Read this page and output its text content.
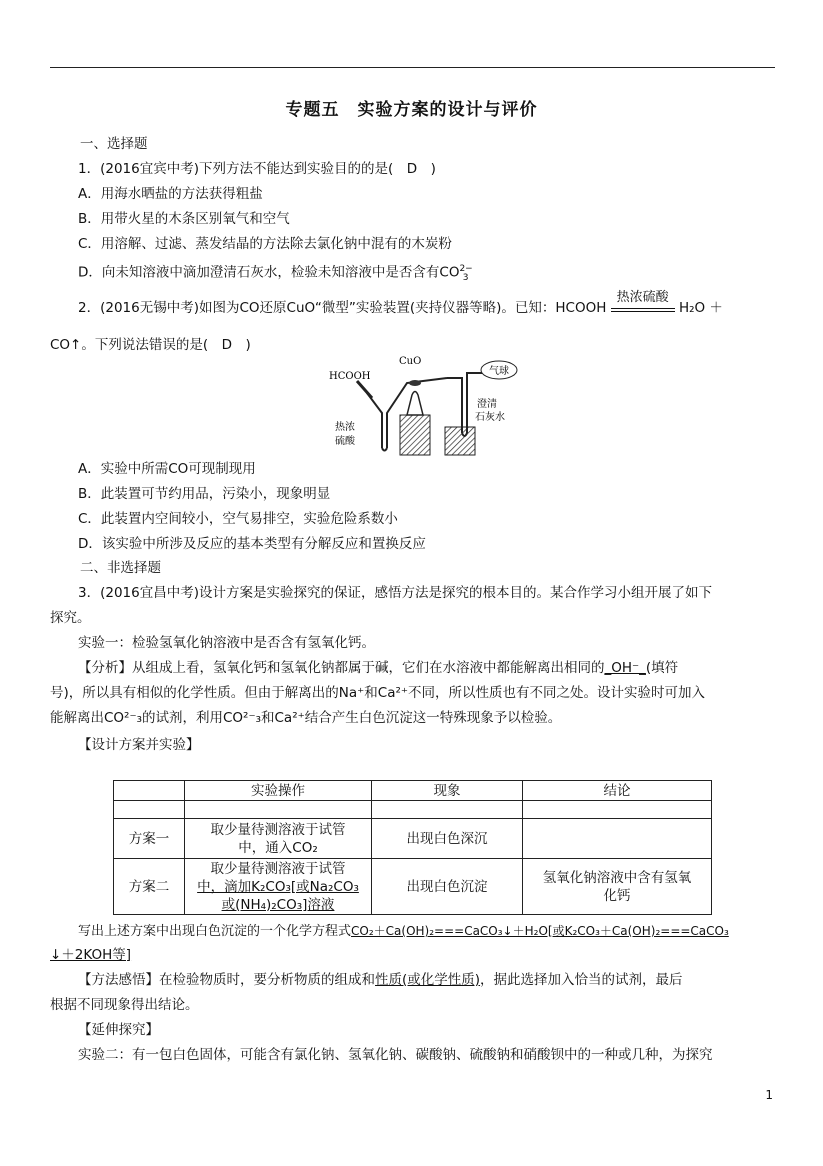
专题五　实验方案的设计与评价
一、选择题
1．(2016宜宾中考)下列方法不能达到实验目的的是(　D　)
A．用海水晒盐的方法获得粗盐
B．用带火星的木条区别氧气和空气
C．用溶解、过滤、蒸发结晶的方法除去氯化钠中混有的木炭粉
D．向未知溶液中滴加澄清石灰水，检验未知溶液中是否含有$CO^{2-}_3$
2．(2016无锡中考)如图为CO还原CuO“微型”实验装置(夹持仪器等略)。已知：HCOOH
热浓硫酸
H₂O ＋
CO↑。下列说法错误的是(　D　)
HCOOH
CuO
气球
热浓
硫酸
澄清
石灰水
A．实验中所需CO可现制现用
B．此装置可节约用品，污染小，现象明显
C．此装置内空间较小，空气易排空，实验危险系数小
D．该实验中所涉及反应的基本类型有分解反应和置换反应
二、非选择题
3．(2016宜昌中考)设计方案是实验探究的保证，感悟方法是探究的根本目的。某合作学习小组开展了如下
探究。
实验一：检验氢氧化钠溶液中是否含有氢氧化钙。
【分析】从组成上看，氢氧化钙和氢氧化钠都属于碱，它们在水溶液中都能解离出相同的_OH⁻_(填符
号)，所以具有相似的化学性质。但由于解离出的Na⁺和Ca²⁺不同，所以性质也有不同之处。设计实验时可加入
能解离出CO²⁻₃的试剂，利用CO²⁻₃和Ca²⁺结合产生白色沉淀这一特殊现象予以检验。
【设计方案并实验】
	实验操作	现象	结论

方案一	取少量待测溶液于试管
中，通入CO₂	出现白色深沉	
方案二	取少量待测溶液于试管
中，滴加K₂CO₃[或Na₂CO₃
或(NH₄)₂CO₃]溶液	出现白色沉淀	氢氧化钠溶液中含有氢氧
化钙
写出上述方案中出现白色沉淀的一个化学方程式CO₂＋Ca(OH)₂===CaCO₃↓＋H₂O[或K₂CO₃＋Ca(OH)₂===CaCO₃
↓＋2KOH等]
【方法感悟】在检验物质时，要分析物质的组成和性质(或化学性质)，据此选择加入恰当的试剂，最后
根据不同现象得出结论。
【延伸探究】
实验二：有一包白色固体，可能含有氯化钠、氢氧化钠、碳酸钠、硫酸钠和硝酸钡中的一种或几种，为探究
1
